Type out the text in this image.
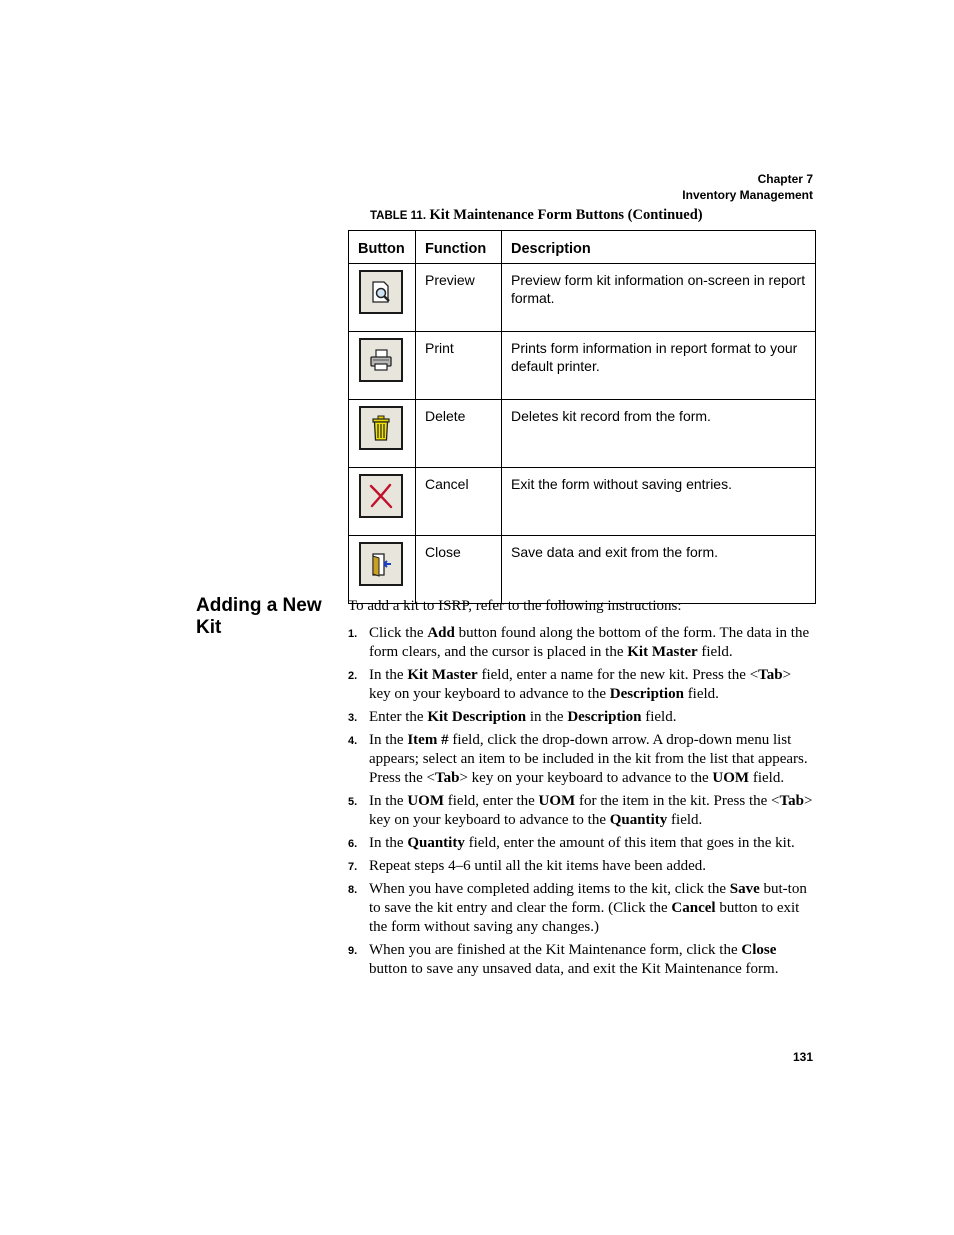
Chapter 7
Inventory Management
TABLE 11. Kit Maintenance Form Buttons (Continued)
Button	Function	Description

	Preview	Preview form kit information on-screen in report format.

	Print	Prints form information in report format to your default printer.

	Delete	Deletes kit record from the form.

	Cancel	Exit the form without saving entries.

	Close	Save data and exit from the form.
Adding a New Kit
To add a kit to ISRP, refer to the following instructions:
1. Click the Add button found along the bottom of the form. The data in the form clears, and the cursor is placed in the Kit Master field.
2. In the Kit Master field, enter a name for the new kit. Press the <Tab> key on your keyboard to advance to the Description field.
3. Enter the Kit Description in the Description field.
4. In the Item # field, click the drop-down arrow. A drop-down menu list appears; select an item to be included in the kit from the list that appears. Press the <Tab> key on your keyboard to advance to the UOM field.
5. In the UOM field, enter the UOM for the item in the kit. Press the <Tab> key on your keyboard to advance to the Quantity field.
6. In the Quantity field, enter the amount of this item that goes in the kit.
7. Repeat steps 4–6 until all the kit items have been added.
8. When you have completed adding items to the kit, click the Save but-ton to save the kit entry and clear the form. (Click the Cancel button to exit the form without saving any changes.)
9. When you are finished at the Kit Maintenance form, click the Close button to save any unsaved data, and exit the Kit Maintenance form.
131
